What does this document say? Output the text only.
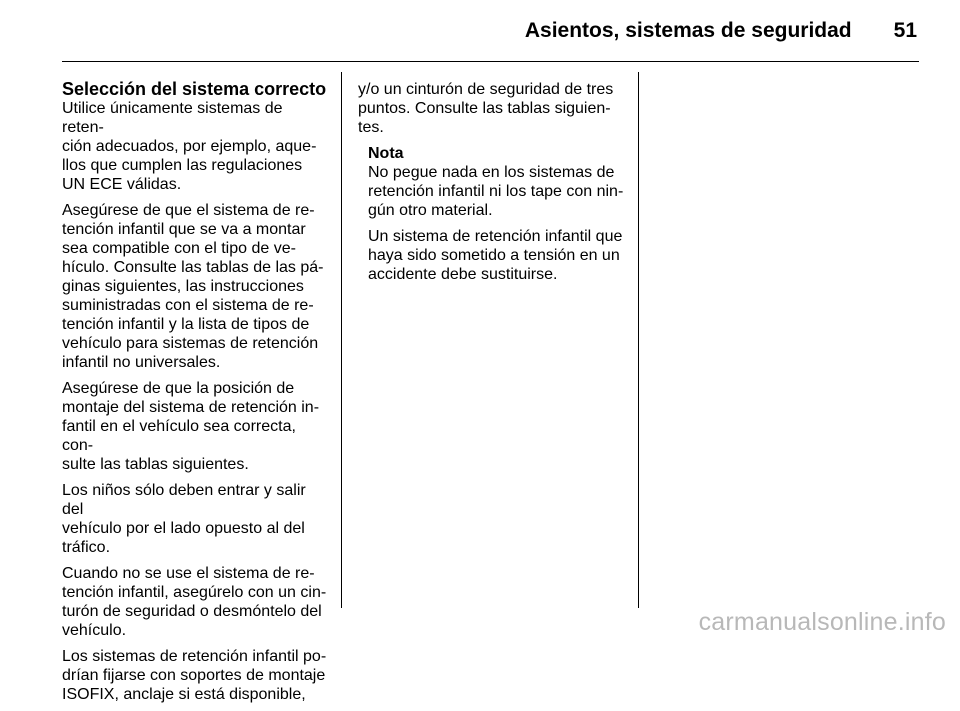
Asientos, sistemas de seguridad 51
Selección del sistema correcto

Utilice únicamente sistemas de reten-
ción adecuados, por ejemplo, aque-
llos que cumplen las regulaciones
UN ECE válidas.

Asegúrese de que el sistema de re-
tención infantil que se va a montar
sea compatible con el tipo de ve-
hículo. Consulte las tablas de las pá-
ginas siguientes, las instrucciones
suministradas con el sistema de re-
tención infantil y la lista de tipos de
vehículo para sistemas de retención
infantil no universales.

Asegúrese de que la posición de
montaje del sistema de retención in-
fantil en el vehículo sea correcta, con-
sulte las tablas siguientes.

Los niños sólo deben entrar y salir del
vehículo por el lado opuesto al del
tráfico.

Cuando no se use el sistema de re-
tención infantil, asegúrelo con un cin-
turón de seguridad o desmóntelo del
vehículo.

Los sistemas de retención infantil po-
drían fijarse con soportes de montaje
ISOFIX, anclaje si está disponible,

y/o un cinturón de seguridad de tres
puntos. Consulte las tablas siguien-
tes.

Nota

No pegue nada en los sistemas de
retención infantil ni los tape con nin-
gún otro material.

Un sistema de retención infantil que
haya sido sometido a tensión en un
accidente debe sustituirse.

carmanualsonline.info
